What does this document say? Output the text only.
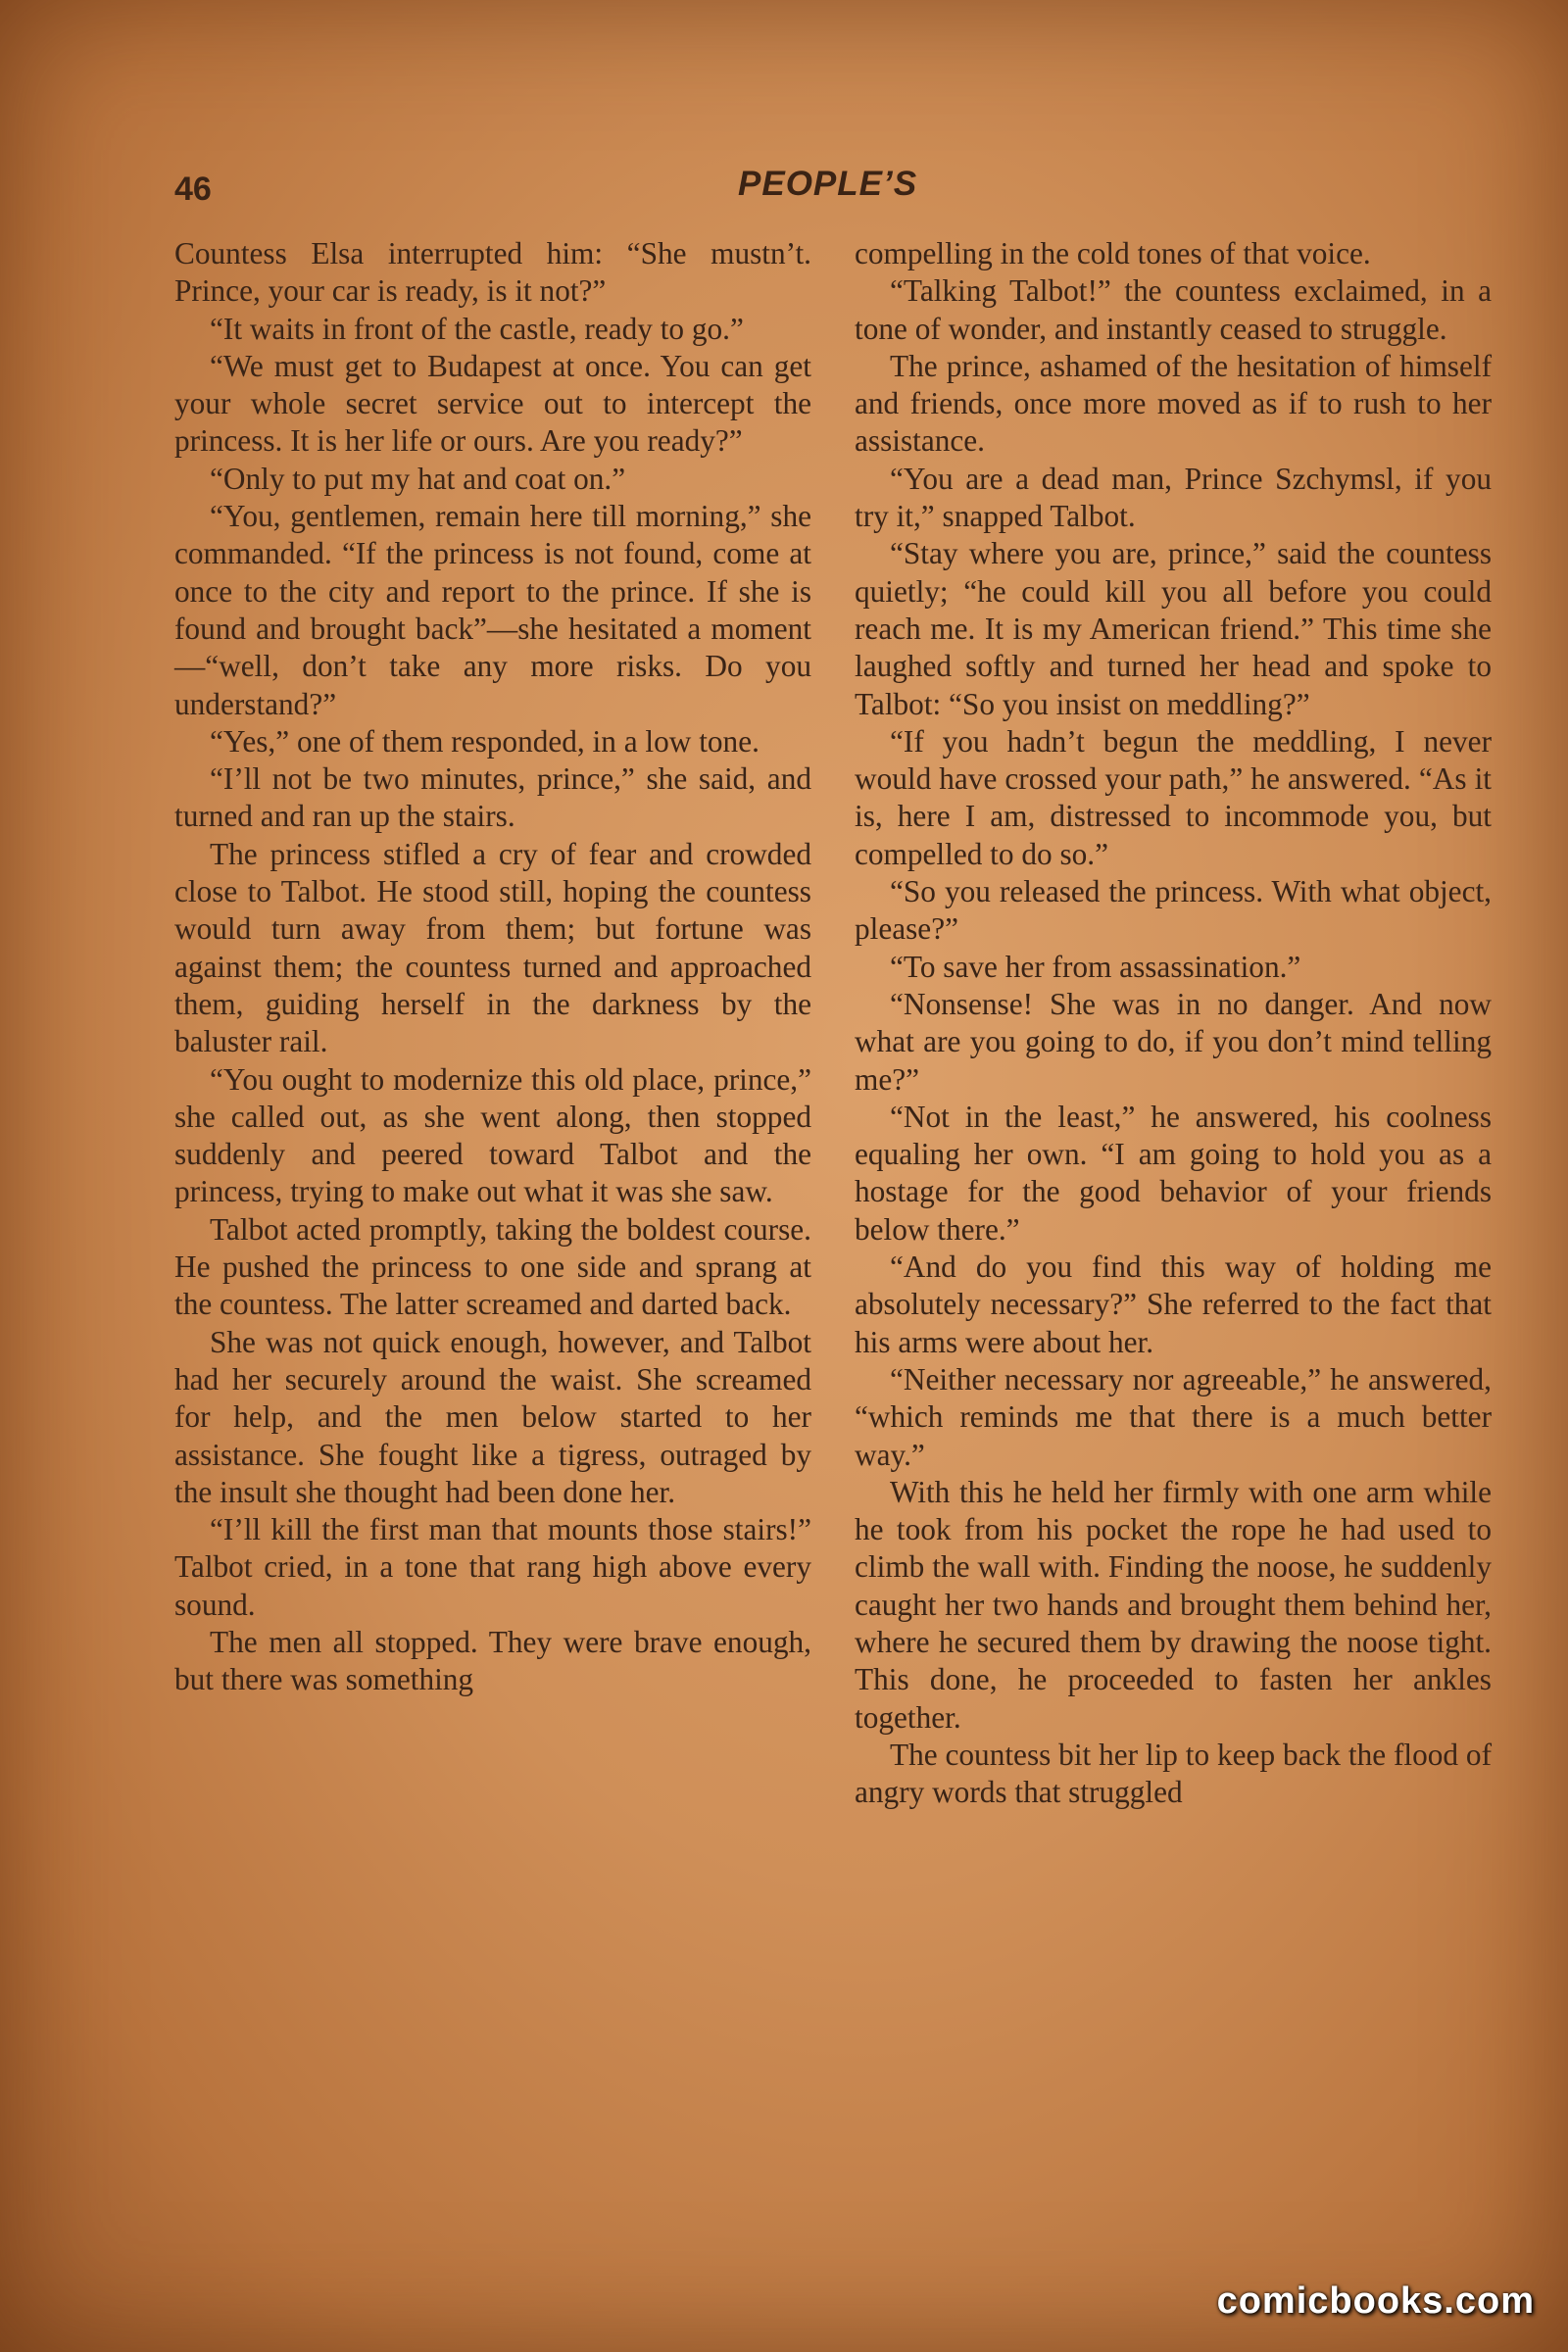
46	PEOPLE’S

Countess Elsa interrupted him: “She mustn’t. Prince, your car is ready, is it not?”

“It waits in front of the castle, ready to go.”

“We must get to Budapest at once. You can get your whole secret service out to intercept the princess. It is her life or ours. Are you ready?”

“Only to put my hat and coat on.”

“You, gentlemen, remain here till morning,” she commanded. “If the princess is not found, come at once to the city and report to the prince. If she is found and brought back”—she hesitated a moment—“well, don’t take any more risks. Do you understand?”

“Yes,” one of them responded, in a low tone.

“I’ll not be two minutes, prince,” she said, and turned and ran up the stairs.

The princess stifled a cry of fear and crowded close to Talbot. He stood still, hoping the countess would turn away from them; but fortune was against them; the countess turned and approached them, guiding herself in the darkness by the baluster rail.

“You ought to modernize this old place, prince,” she called out, as she went along, then stopped suddenly and peered toward Talbot and the princess, trying to make out what it was she saw.

Talbot acted promptly, taking the boldest course. He pushed the princess to one side and sprang at the countess. The latter screamed and darted back.

She was not quick enough, however, and Talbot had her securely around the waist. She screamed for help, and the men below started to her assistance. She fought like a tigress, outraged by the insult she thought had been done her.

“I’ll kill the first man that mounts those stairs!” Talbot cried, in a tone that rang high above every sound.

The men all stopped. They were brave enough, but there was something

compelling in the cold tones of that voice.

“Talking Talbot!” the countess exclaimed, in a tone of wonder, and instantly ceased to struggle.

The prince, ashamed of the hesitation of himself and friends, once more moved as if to rush to her assistance.

“You are a dead man, Prince Szchymsl, if you try it,” snapped Talbot.

“Stay where you are, prince,” said the countess quietly; “he could kill you all before you could reach me. It is my American friend.” This time she laughed softly and turned her head and spoke to Talbot: “So you insist on meddling?”

“If you hadn’t begun the meddling, I never would have crossed your path,” he answered. “As it is, here I am, distressed to incommode you, but compelled to do so.”

“So you released the princess. With what object, please?”

“To save her from assassination.”

“Nonsense! She was in no danger. And now what are you going to do, if you don’t mind telling me?”

“Not in the least,” he answered, his coolness equaling her own. “I am going to hold you as a hostage for the good behavior of your friends below there.”

“And do you find this way of holding me absolutely necessary?” She referred to the fact that his arms were about her.

“Neither necessary nor agreeable,” he answered, “which reminds me that there is a much better way.”

With this he held her firmly with one arm while he took from his pocket the rope he had used to climb the wall with. Finding the noose, he suddenly caught her two hands and brought them behind her, where he secured them by drawing the noose tight. This done, he proceeded to fasten her ankles together.

The countess bit her lip to keep back the flood of angry words that struggled

comicbooks.com
